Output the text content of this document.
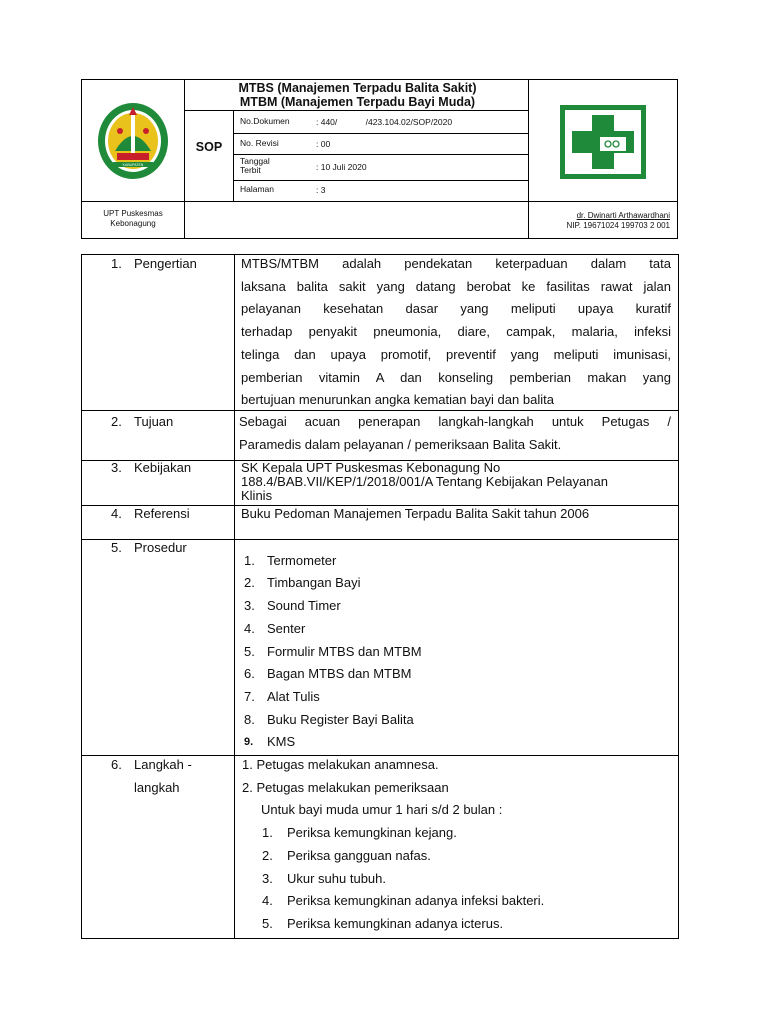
KABUPATEN
MTBS (Manajemen Terpadu Balita Sakit)
MTBM (Manajemen Terpadu Bayi Muda)
SOP
No.Dokumen	: 440/            /423.104.02/SOP/2020
No. Revisi	: 00
Tanggal
Terbit	: 10 Juli 2020
Halaman	: 3
UPT Puskesmas
Kebonagung
dr. Dwinarti Arthawardhani
NIP. 19671024 199703 2 001
1. Pengertian	MTBS/MTBM adalah pendekatan keterpaduan dalam tata
laksana balita sakit yang datang berobat ke fasilitas rawat jalan
pelayanan kesehatan dasar yang meliputi upaya kuratif
terhadap penyakit pneumonia, diare, campak, malaria, infeksi
telinga dan upaya promotif, preventif yang meliputi imunisasi,
pemberian vitamin A dan konseling pemberian makan yang
bertujuan menurunkan angka kematian bayi dan balita
2. Tujuan	Sebagai acuan penerapan langkah-langkah untuk Petugas /
Paramedis dalam pelayanan / pemeriksaan Balita Sakit.
3. Kebijakan	SK Kepala UPT Puskesmas Kebonagung No
188.4/BAB.VII/KEP/1/2018/001/A Tentang Kebijakan Pelayanan
Klinis
4. Referensi	Buku Pedoman Manajemen Terpadu Balita Sakit tahun 2006
5. Prosedur
1. Termometer
2. Timbangan Bayi
3. Sound Timer
4. Senter
5. Formulir MTBS dan MTBM
6. Bagan MTBS dan MTBM
7. Alat Tulis
8. Buku Register Bayi Balita
9. KMS
6. Langkah -
langkah
1. Petugas melakukan anamnesa.
2. Petugas melakukan pemeriksaan
Untuk bayi muda umur 1 hari s/d 2 bulan :
1. Periksa kemungkinan kejang.
2. Periksa gangguan nafas.
3. Ukur suhu tubuh.
4. Periksa kemungkinan adanya infeksi bakteri.
5. Periksa kemungkinan adanya icterus.
